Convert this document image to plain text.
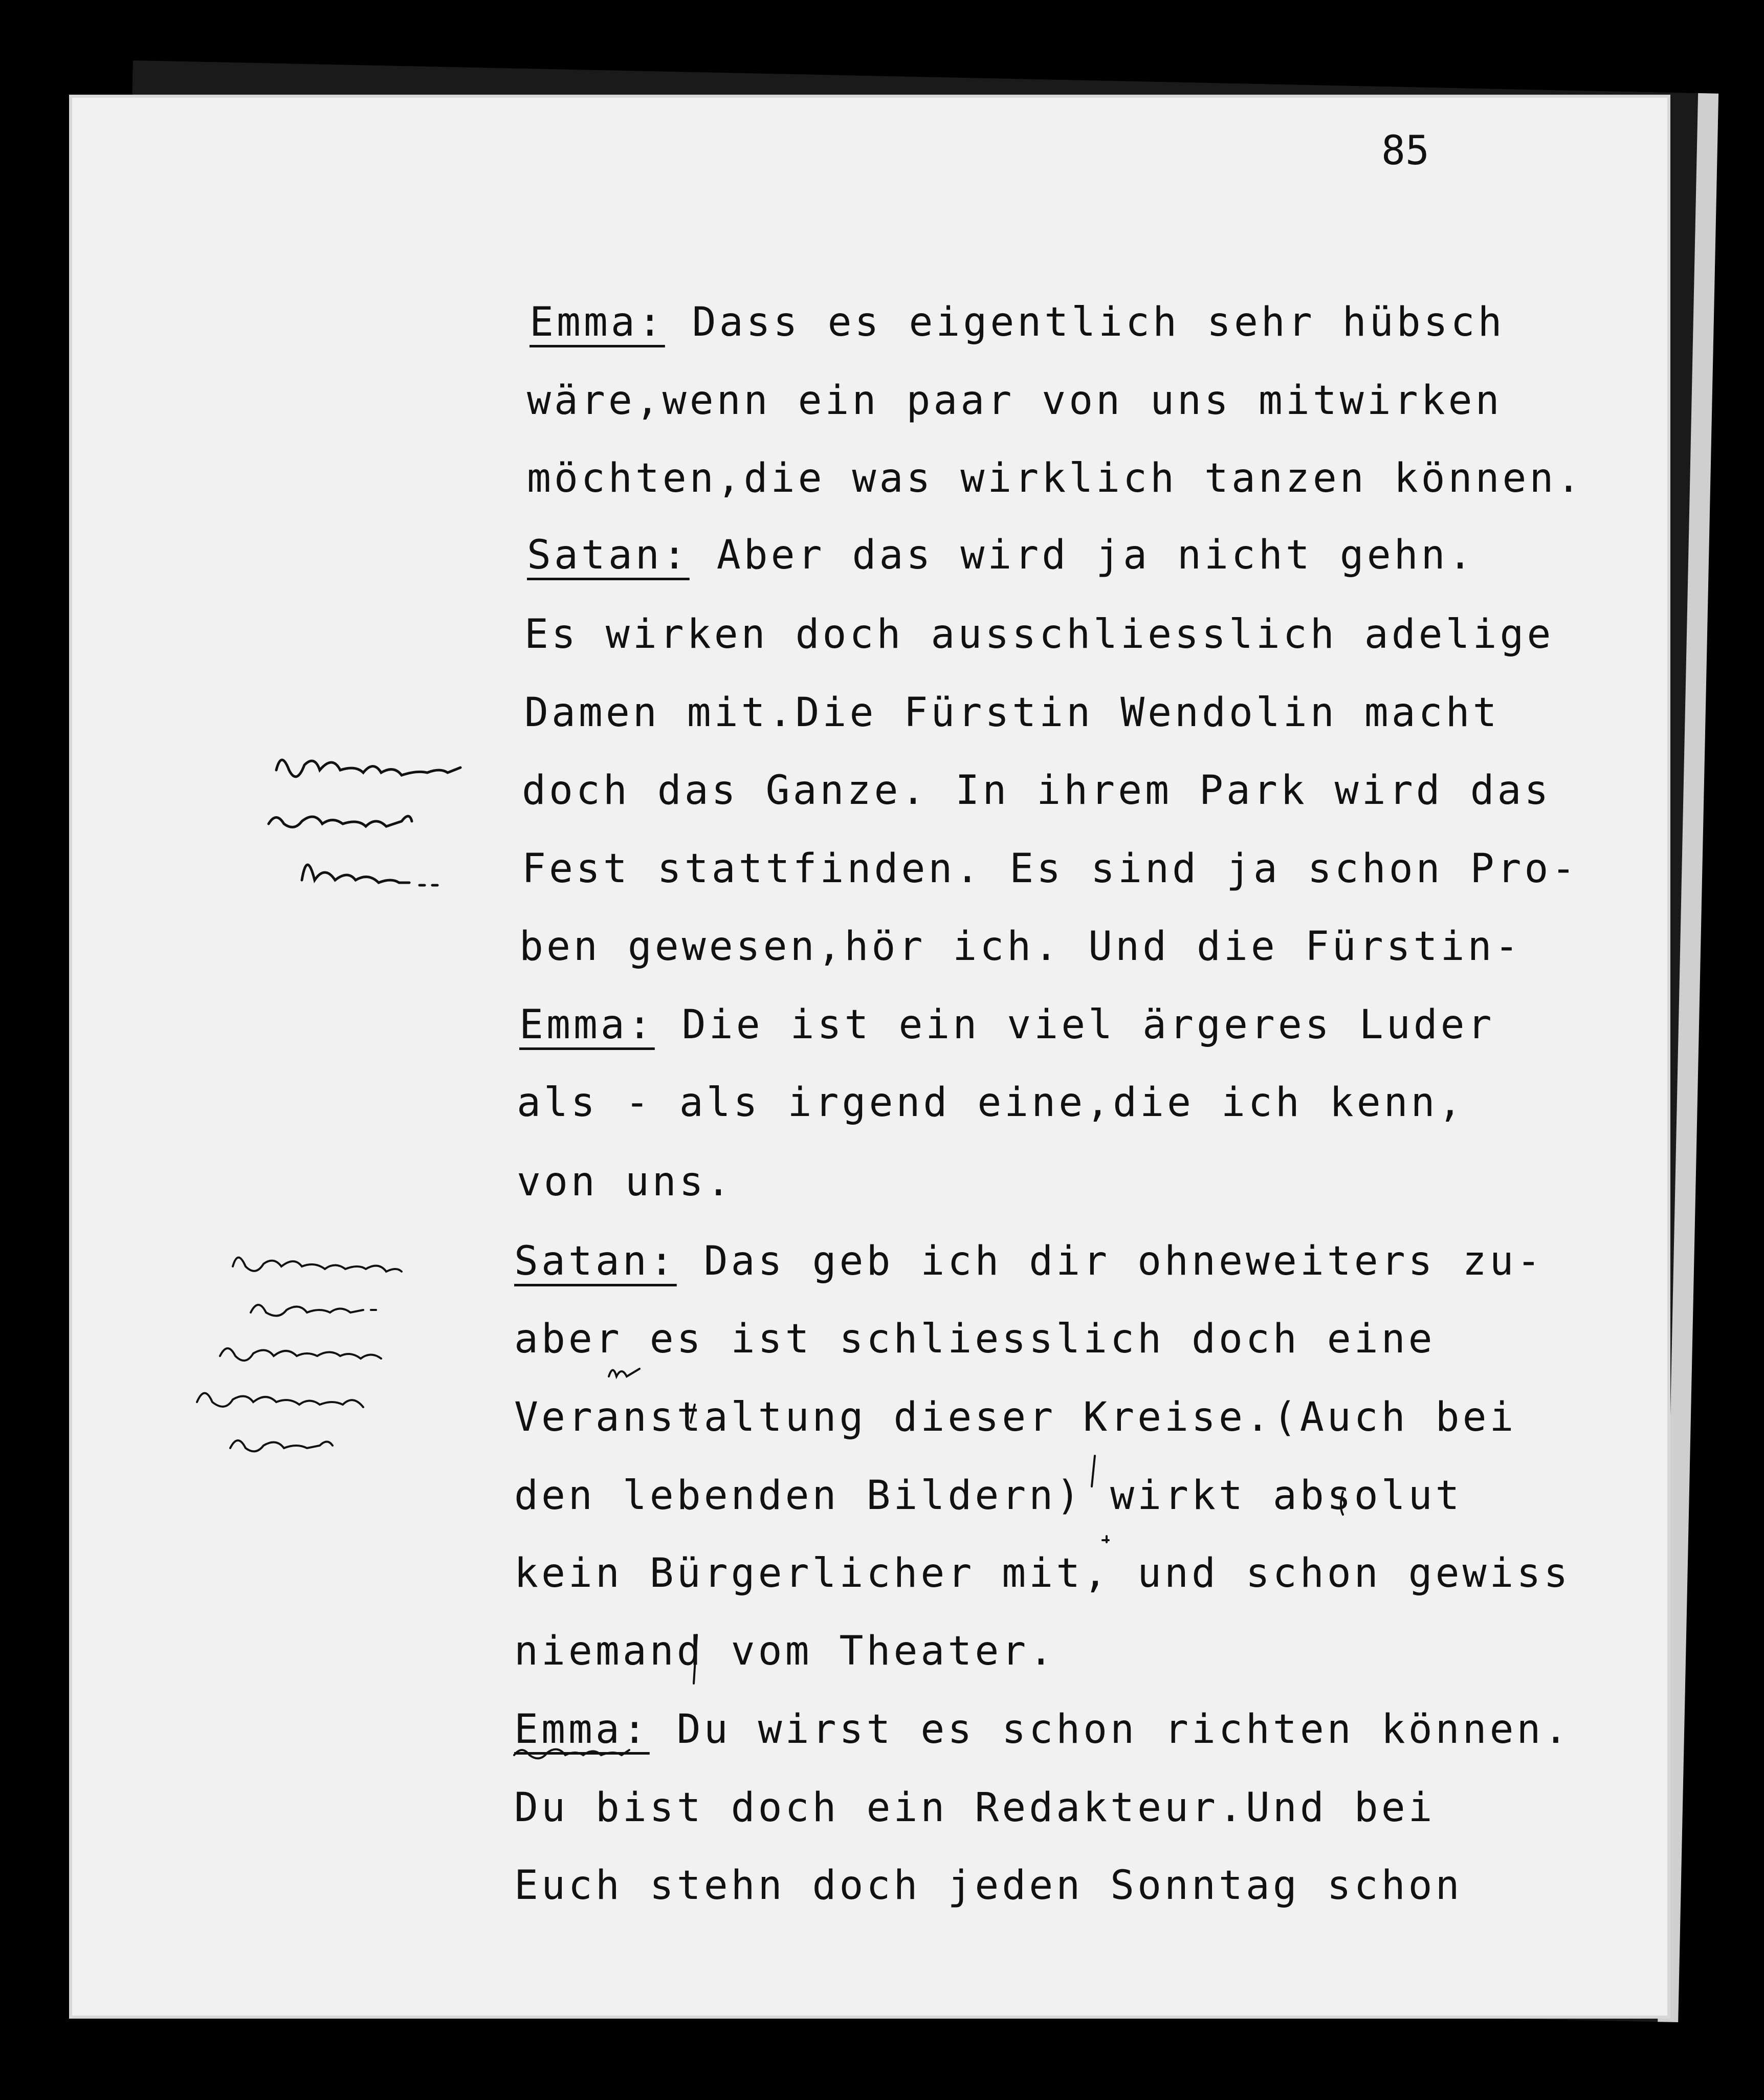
85
Emma: Dass es eigentlich sehr hübsch
wäre,wenn ein paar von uns mitwirken
möchten,die was wirklich tanzen können.
Satan: Aber das wird ja nicht gehn.
Es wirken doch ausschliesslich adelige
Damen mit.Die Fürstin Wendolin macht
doch das Ganze. In ihrem Park wird das
Fest stattfinden. Es sind ja schon Pro-
ben gewesen,hör ich. Und die Fürstin-
Emma: Die ist ein viel ärgeres Luder
als - als irgend eine,die ich kenn,
von uns.
Satan: Das geb ich dir ohneweiters zu-
aber es ist schliesslich doch eine
Veranstaltung dieser Kreise.(Auch bei
den lebenden Bildern) wirkt absolut
kein Bürgerlicher mit, und schon gewiss
niemand vom Theater.
Emma: Du wirst es schon richten können.
Du bist doch ein Redakteur.Und bei
Euch stehn doch jeden Sonntag schon
